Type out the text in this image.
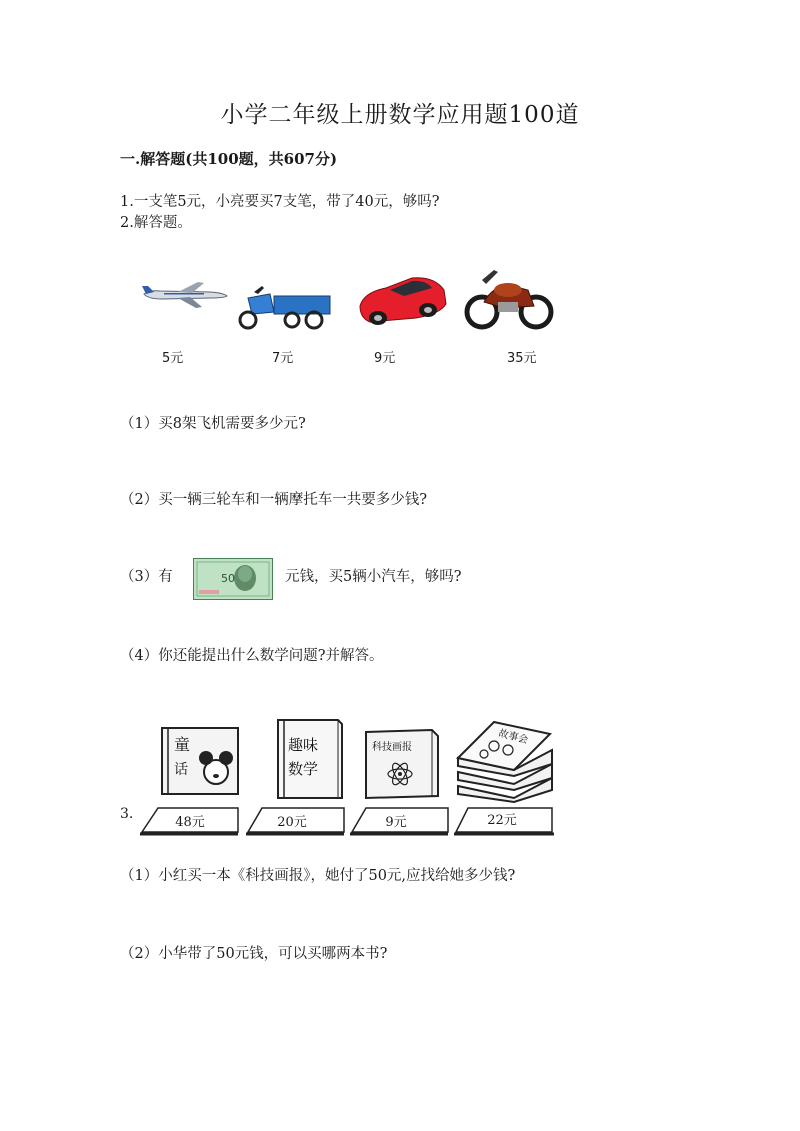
小学二年级上册数学应用题100道
一.解答题(共100题，共607分)
1.一支笔5元，小亮要买7支笔，带了40元，够吗?
2.解答题。
5元	7元	9元	35元
（1）买8架飞机需要多少元?
（2）买一辆三轮车和一辆摩托车一共要多少钱?
（3）有	50	元钱，买5辆小汽车，够吗?
（4）你还能提出什么数学问题?并解答。
童
话
趣味
数学
科技画报
故事会
3.
48元	20元	9元	22元
（1）小红买一本《科技画报》，她付了50元,应找给她多少钱?
（2）小华带了50元钱，可以买哪两本书?
